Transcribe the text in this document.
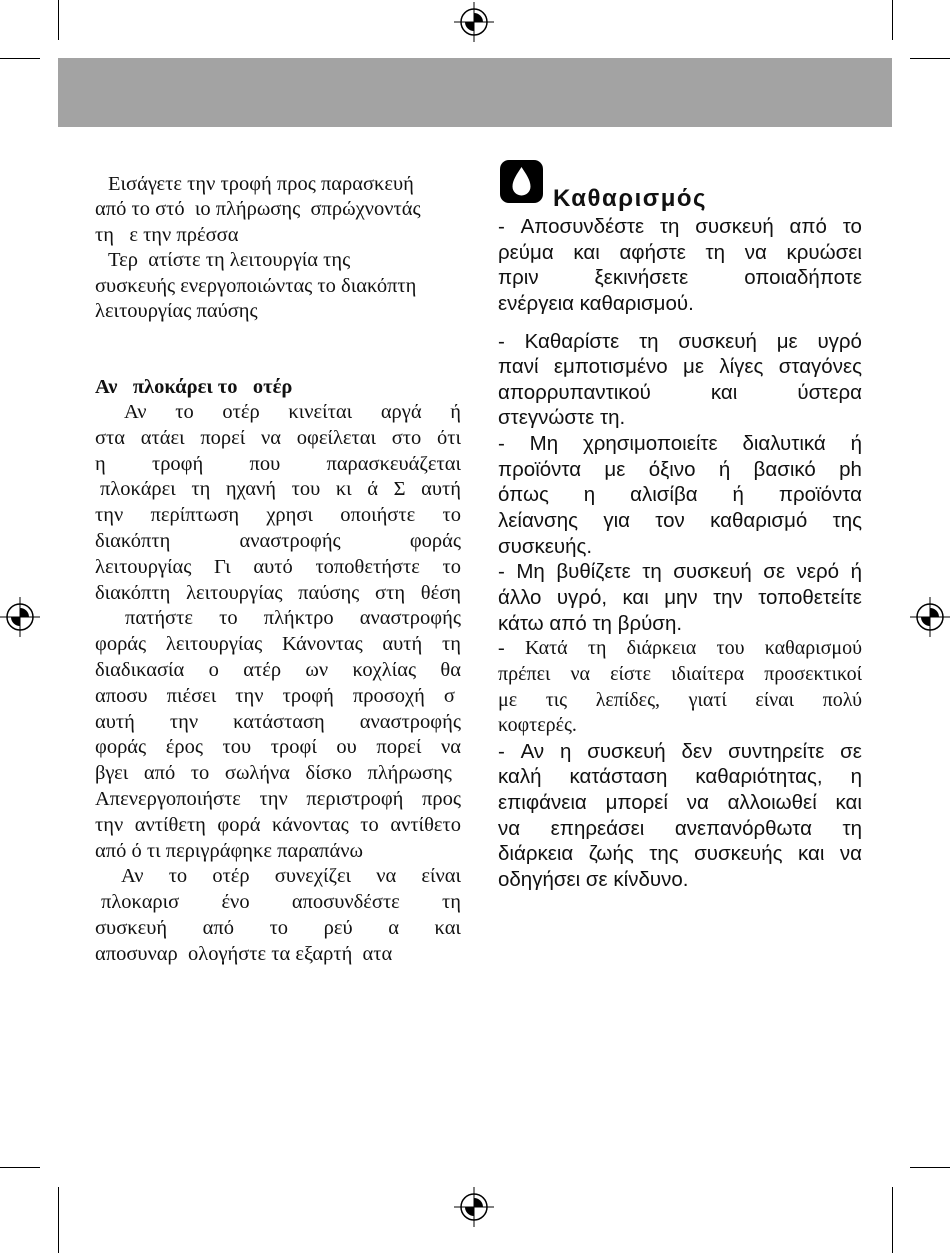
Εισάγετε την τροφή προς παρασκευή
από το στό  ιο πλήρωσης  σπρώχνοντάς
τη   ε την πρέσσα
Τερ  ατίστε τη λειτουργία της
συσκευής ενεργοποιώντας το διακόπτη
λειτουργίας παύσης
Αν   πλοκάρει το   οτέρ
Αν το οτέρ κινείται αργά ή
στα ατάει πορεί να οφείλεται στο ότι
η τροφή που παρασκευάζεται
πλοκάρει τη ηχανή του κι ά Σ αυτή
την περίπτωση χρησι οποιήστε το
διακόπτη	αναστροφής	φοράς
λειτουργίας Γι αυτό τοποθετήστε το
διακόπτη λειτουργίας παύσης στη θέση
πατήστε το πλήκτρο αναστροφής
φοράς λειτουργίας Κάνοντας αυτή τη
διαδικασία ο ατέρ ων κοχλίας θα
αποσυ πιέσει την τροφή προσοχή σ
αυτή την κατάσταση αναστροφής
φοράς έρος του τροφί ου πορεί να
βγει από το σωλήνα δίσκο πλήρωσης
Απενεργοποιήστε την περιστροφή προς
την αντίθετη φορά κάνοντας το αντίθετο
από ό τι περιγράφηκε παραπάνω
Αν το οτέρ συνεχίζει να είναι
πλοκαρισ ένο αποσυνδέστε τη
συσκευή από το ρεύ α και
αποσυναρ  ολογήστε τα εξαρτή  ατα
Καθαρισμός
- Αποσυνδέστε τη συσκευή από το
ρεύμα και αφήστε τη να κρυώσει
πριν	ξεκινήσετε	οποιαδήποτε
ενέργεια καθαρισμού.
- Καθαρίστε τη συσκευή με υγρό
πανί εμποτισμένο με λίγες σταγόνες
απορρυπαντικού	και	ύστερα
στεγνώστε τη.
- Μη χρησιμοποιείτε διαλυτικά ή
προϊόντα με όξινο ή βασικό ph
όπως η αλισίβα ή προϊόντα
λείανσης για τον καθαρισμό της
συσκευής.
- Μη βυθίζετε τη συσκευή σε νερό ή
άλλο υγρό, και μην την τοποθετείτε
κάτω από τη βρύση.
- Κατά τη διάρκεια του καθαρισμού
πρέπει να είστε ιδιαίτερα προσεκτικοί
με τις λεπίδες, γιατί είναι πολύ
κοφτερές.
- Αν η συσκευή δεν συντηρείτε σε
καλή κατάσταση καθαριότητας, η
επιφάνεια μπορεί να αλλοιωθεί και
να επηρεάσει ανεπανόρθωτα τη
διάρκεια ζωής της συσκευής και να
οδηγήσει σε κίνδυνο.
